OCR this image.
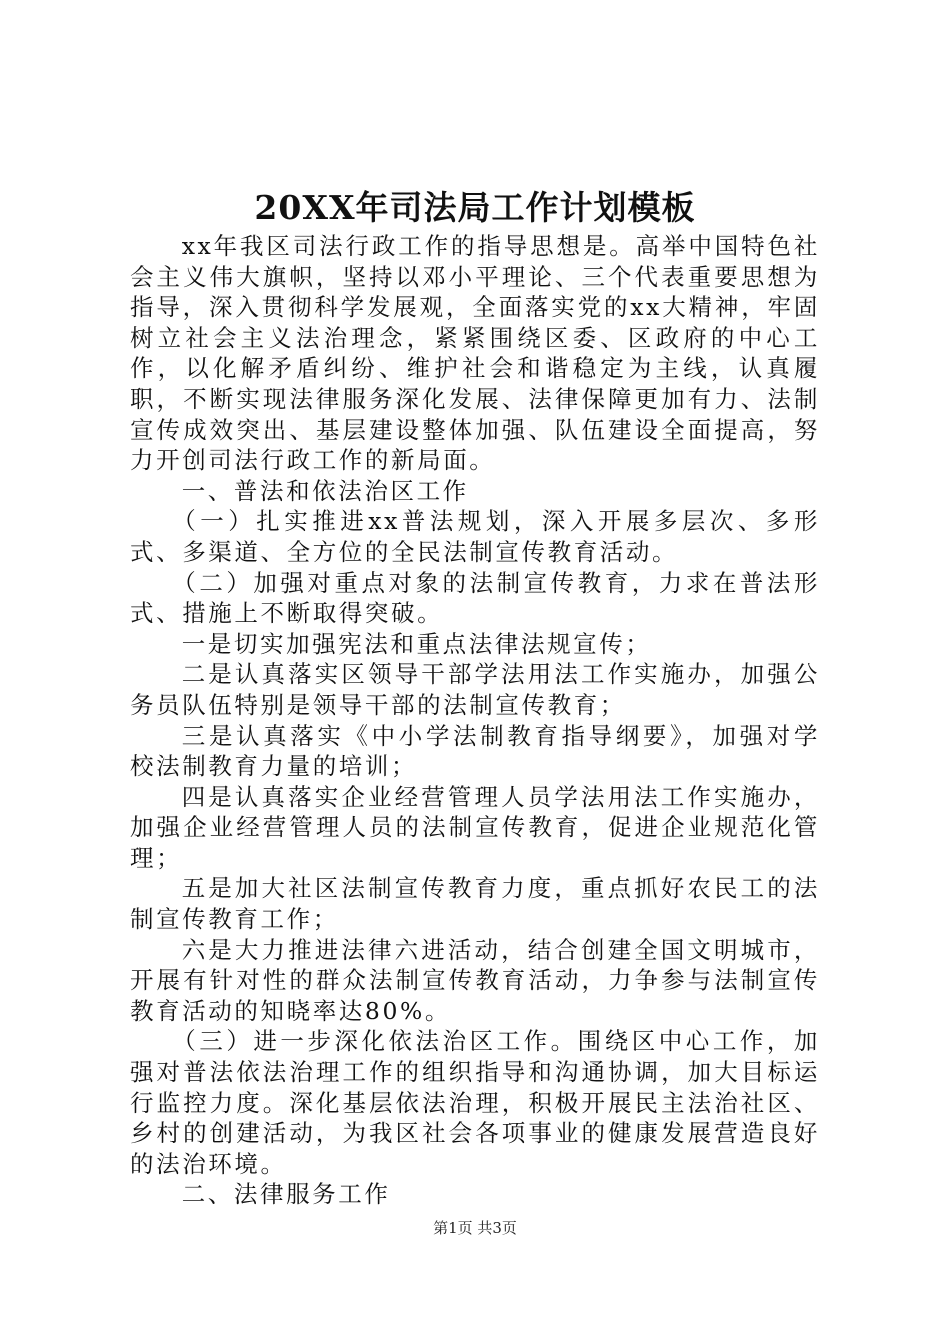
20XX年司法局工作计划模板

xx年我区司法行政工作的指导思想是。高举中国特色社会主义伟大旗帜，坚持以邓小平理论、三个代表重要思想为指导，深入贯彻科学发展观，全面落实党的xx大精神，牢固树立社会主义法治理念，紧紧围绕区委、区政府的中心工作，以化解矛盾纠纷、维护社会和谐稳定为主线，认真履职，不断实现法律服务深化发展、法律保障更加有力、法制宣传成效突出、基层建设整体加强、队伍建设全面提高，努力开创司法行政工作的新局面。

一、普法和依法治区工作

（一）扎实推进xx普法规划，深入开展多层次、多形式、多渠道、全方位的全民法制宣传教育活动。

（二）加强对重点对象的法制宣传教育，力求在普法形式、措施上不断取得突破。

一是切实加强宪法和重点法律法规宣传；

二是认真落实区领导干部学法用法工作实施办，加强公务员队伍特别是领导干部的法制宣传教育；

三是认真落实《中小学法制教育指导纲要》，加强对学校法制教育力量的培训；

四是认真落实企业经营管理人员学法用法工作实施办，加强企业经营管理人员的法制宣传教育，促进企业规范化管理；

五是加大社区法制宣传教育力度，重点抓好农民工的法制宣传教育工作；

六是大力推进法律六进活动，结合创建全国文明城市，开展有针对性的群众法制宣传教育活动，力争参与法制宣传教育活动的知晓率达80%。

（三）进一步深化依法治区工作。围绕区中心工作，加强对普法依法治理工作的组织指导和沟通协调，加大目标运行监控力度。深化基层依法治理，积极开展民主法治社区、乡村的创建活动，为我区社会各项事业的健康发展营造良好的法治环境。

二、法律服务工作

第1页 共3页
